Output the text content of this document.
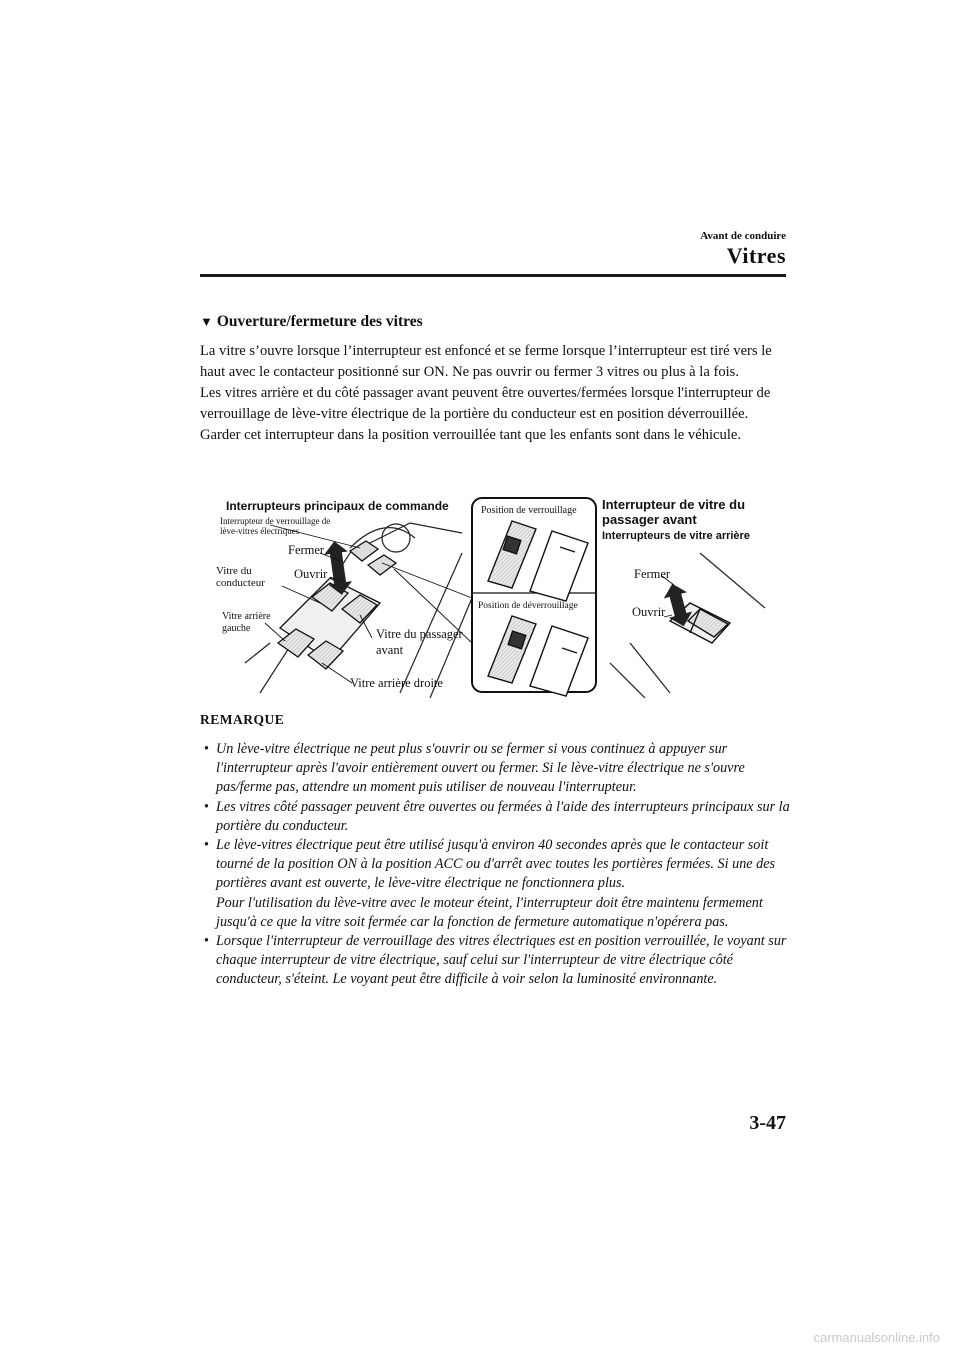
Avant de conduire
Vitres
▼ Ouverture/fermeture des vitres

La vitre s’ouvre lorsque l’interrupteur est enfoncé et se ferme lorsque l’interrupteur est tiré vers le haut avec le contacteur positionné sur ON. Ne pas ouvrir ou fermer 3 vitres ou plus à la fois.

Les vitres arrière et du côté passager avant peuvent être ouvertes/fermées lorsque l'interrupteur de verrouillage de lève-vitre électrique de la portière du conducteur est en position déverrouillée. Garder cet interrupteur dans la position verrouillée tant que les enfants sont dans le véhicule.

Interrupteurs principaux de commande
Interrupteur de verrouillage de
lève-vitres électriques
Fermer
Ouvrir
Vitre du
conducteur
Vitre arrière
gauche	Vitre du passager
avant
Vitre arrière droite
Position de verrouillage
Position de déverrouillage
Interrupteur de vitre du
passager avant
Interrupteurs de vitre arrière
Fermer
Ouvrir
REMARQUE
• Un lève-vitre électrique ne peut plus s'ouvrir ou se fermer si vous continuez à appuyer sur l'interrupteur après l'avoir entièrement ouvert ou fermer. Si le lève-vitre électrique ne s'ouvre pas/ferme pas, attendre un moment puis utiliser de nouveau l'interrupteur.
• Les vitres côté passager peuvent être ouvertes ou fermées à l'aide des interrupteurs principaux sur la portière du conducteur.
• Le lève-vitres électrique peut être utilisé jusqu'à environ 40 secondes après que le contacteur soit tourné de la position ON à la position ACC ou d'arrêt avec toutes les portières fermées. Si une des portières avant est ouverte, le lève-vitre électrique ne fonctionnera plus.
Pour l'utilisation du lève-vitre avec le moteur éteint, l'interrupteur doit être maintenu fermement jusqu'à ce que la vitre soit fermée car la fonction de fermeture automatique n'opérera pas.
• Lorsque l'interrupteur de verrouillage des vitres électriques est en position verrouillée, le voyant sur chaque interrupteur de vitre électrique, sauf celui sur l'interrupteur de vitre électrique côté conducteur, s'éteint. Le voyant peut être difficile à voir selon la luminosité environnante.
3-47
carmanualsonline.info
